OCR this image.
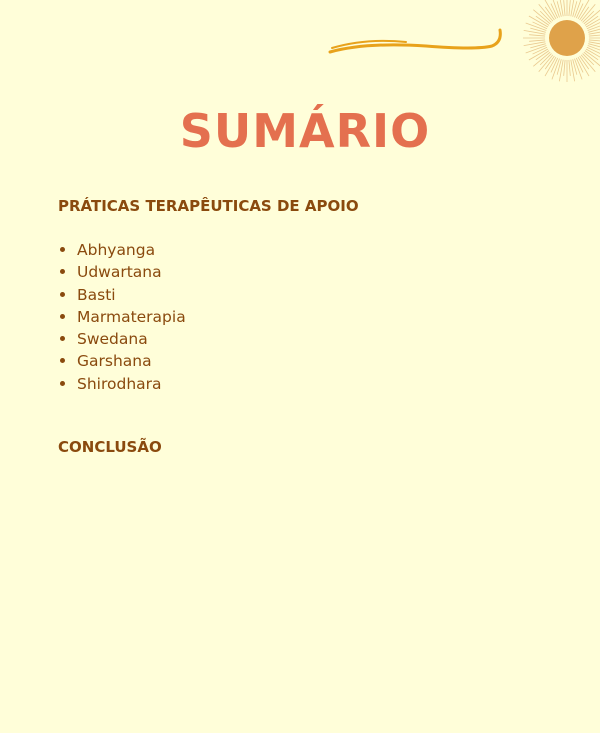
SUMÁRIO
PRÁTICAS TERAPÊUTICAS DE APOIO
Abhyanga
Udwartana
Basti
Marmaterapia
Swedana
Garshana
Shirodhara
CONCLUSÃO
